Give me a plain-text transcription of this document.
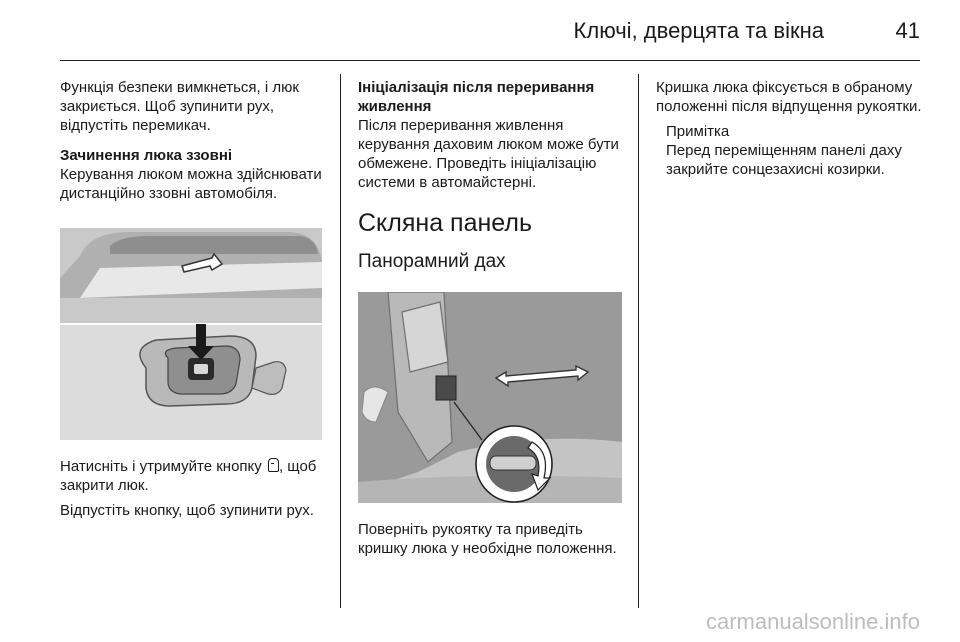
Ключі, дверцята та вікна	41

Функція безпеки вимкнеться, і люк закриється. Щоб зупинити рух, відпустіть перемикач.

Зачинення люка ззовні

Керування люком можна здійснювати дистанційно ззовні автомобіля.

Натисніть і утримуйте кнопку , щоб закрити люк.

Відпустіть кнопку, щоб зупинити рух.

Ініціалізація після переривання живлення

Після переривання живлення керування даховим люком може бути обмежене. Проведіть ініціалізацію системи в автомайстерні.

Скляна панель

Панорамний дах

Поверніть рукоятку та приведіть кришку люка у необхідне положення.

Кришка люка фіксується в обраному положенні після відпущення рукоятки.

Примітка

Перед переміщенням панелі даху закрийте сонцезахисні козирки.

carmanualsonline.info
